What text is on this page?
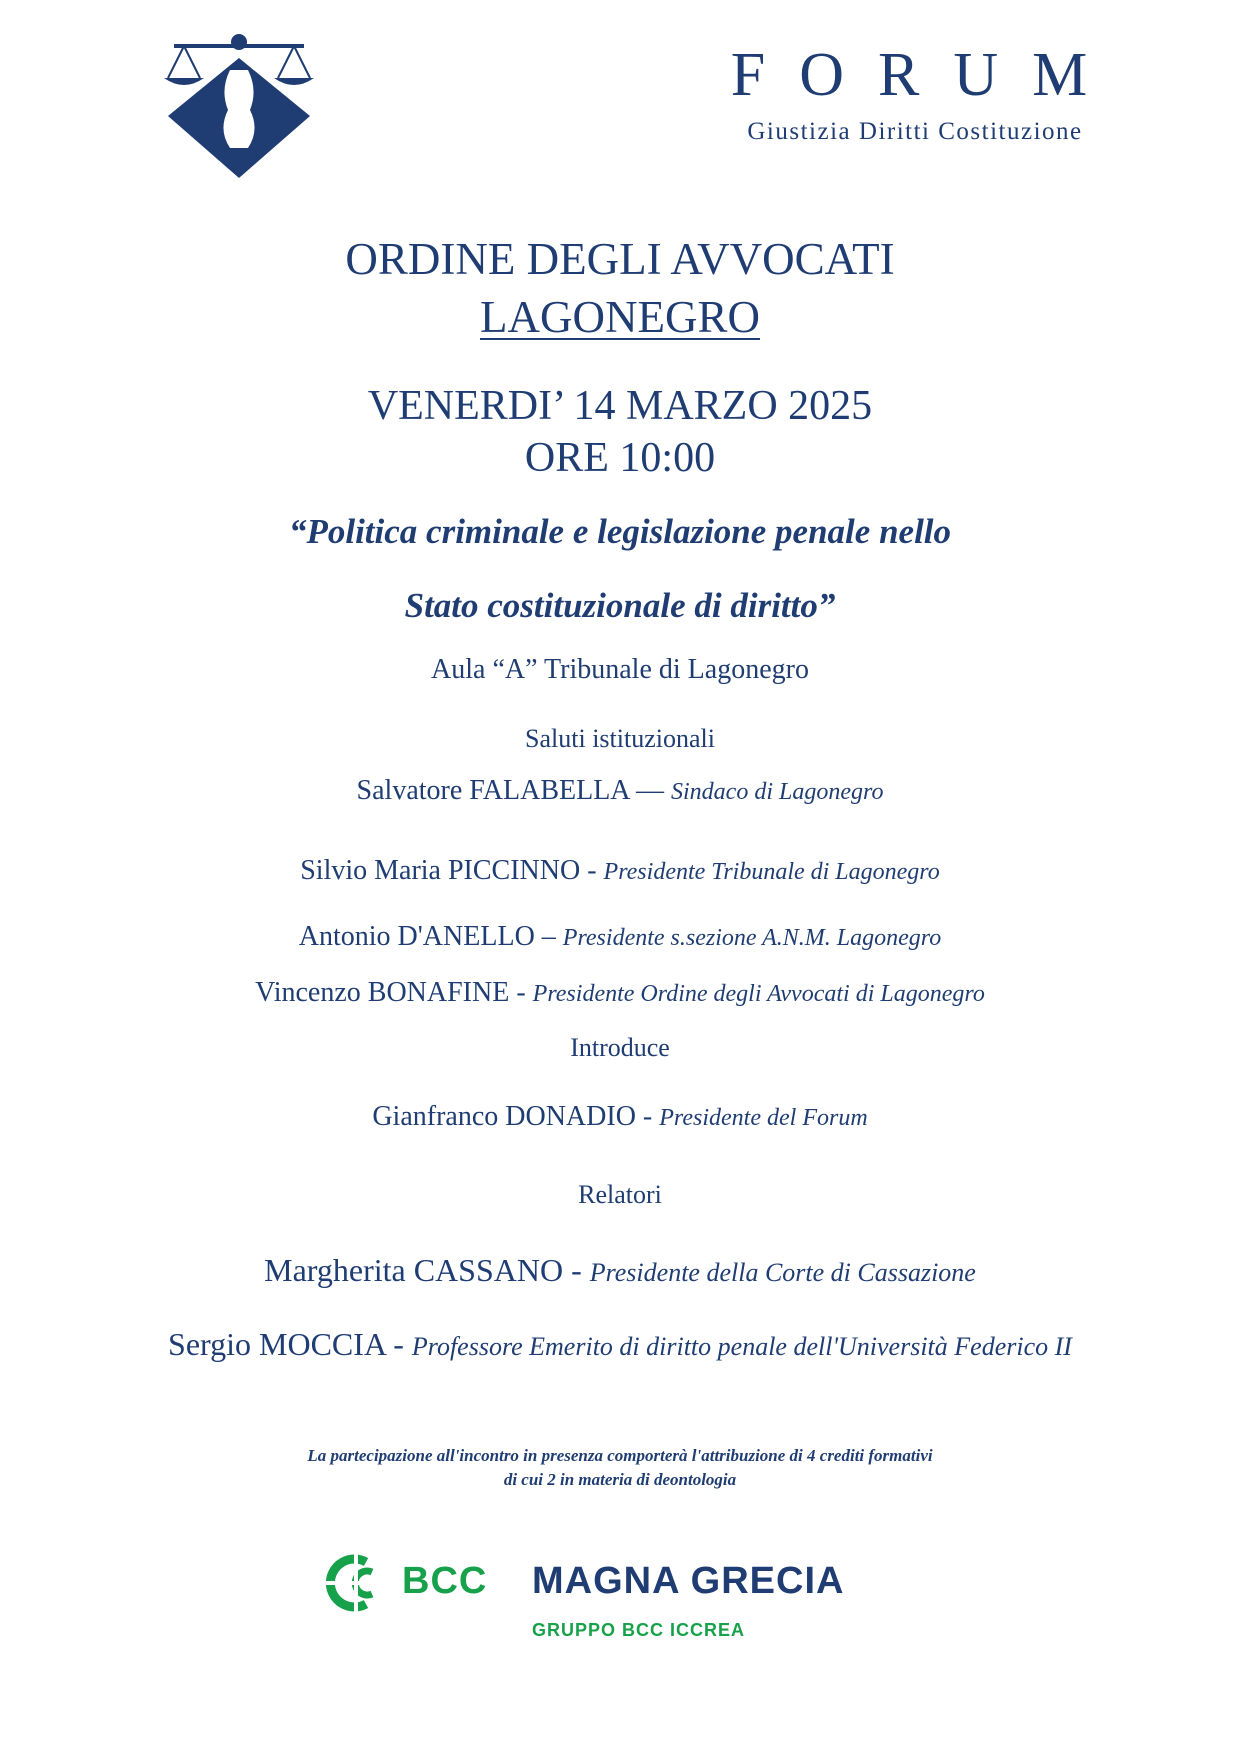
FORUM
Giustizia Diritti Costituzione
ORDINE DEGLI AVVOCATI
LAGONEGRO
VENERDI’ 14 MARZO 2025
ORE 10:00
“Politica criminale e legislazione penale nello
Stato costituzionale di diritto”
Aula “A” Tribunale di Lagonegro
Saluti istituzionali
Salvatore FALABELLA — Sindaco di Lagonegro
Silvio Maria PICCINNO - Presidente Tribunale di Lagonegro
Antonio D'ANELLO – Presidente s.sezione A.N.M. Lagonegro
Vincenzo BONAFINE - Presidente Ordine degli Avvocati di Lagonegro
Introduce
Gianfranco DONADIO - Presidente del Forum
Relatori
Margherita CASSANO - Presidente della Corte di Cassazione
Sergio MOCCIA - Professore Emerito di diritto penale dell'Università Federico II
La partecipazione all'incontro in presenza comporterà l'attribuzione di 4 crediti formativi
di cui 2 in materia di deontologia
BCC MAGNA GRECIA
GRUPPO BCC ICCREA
